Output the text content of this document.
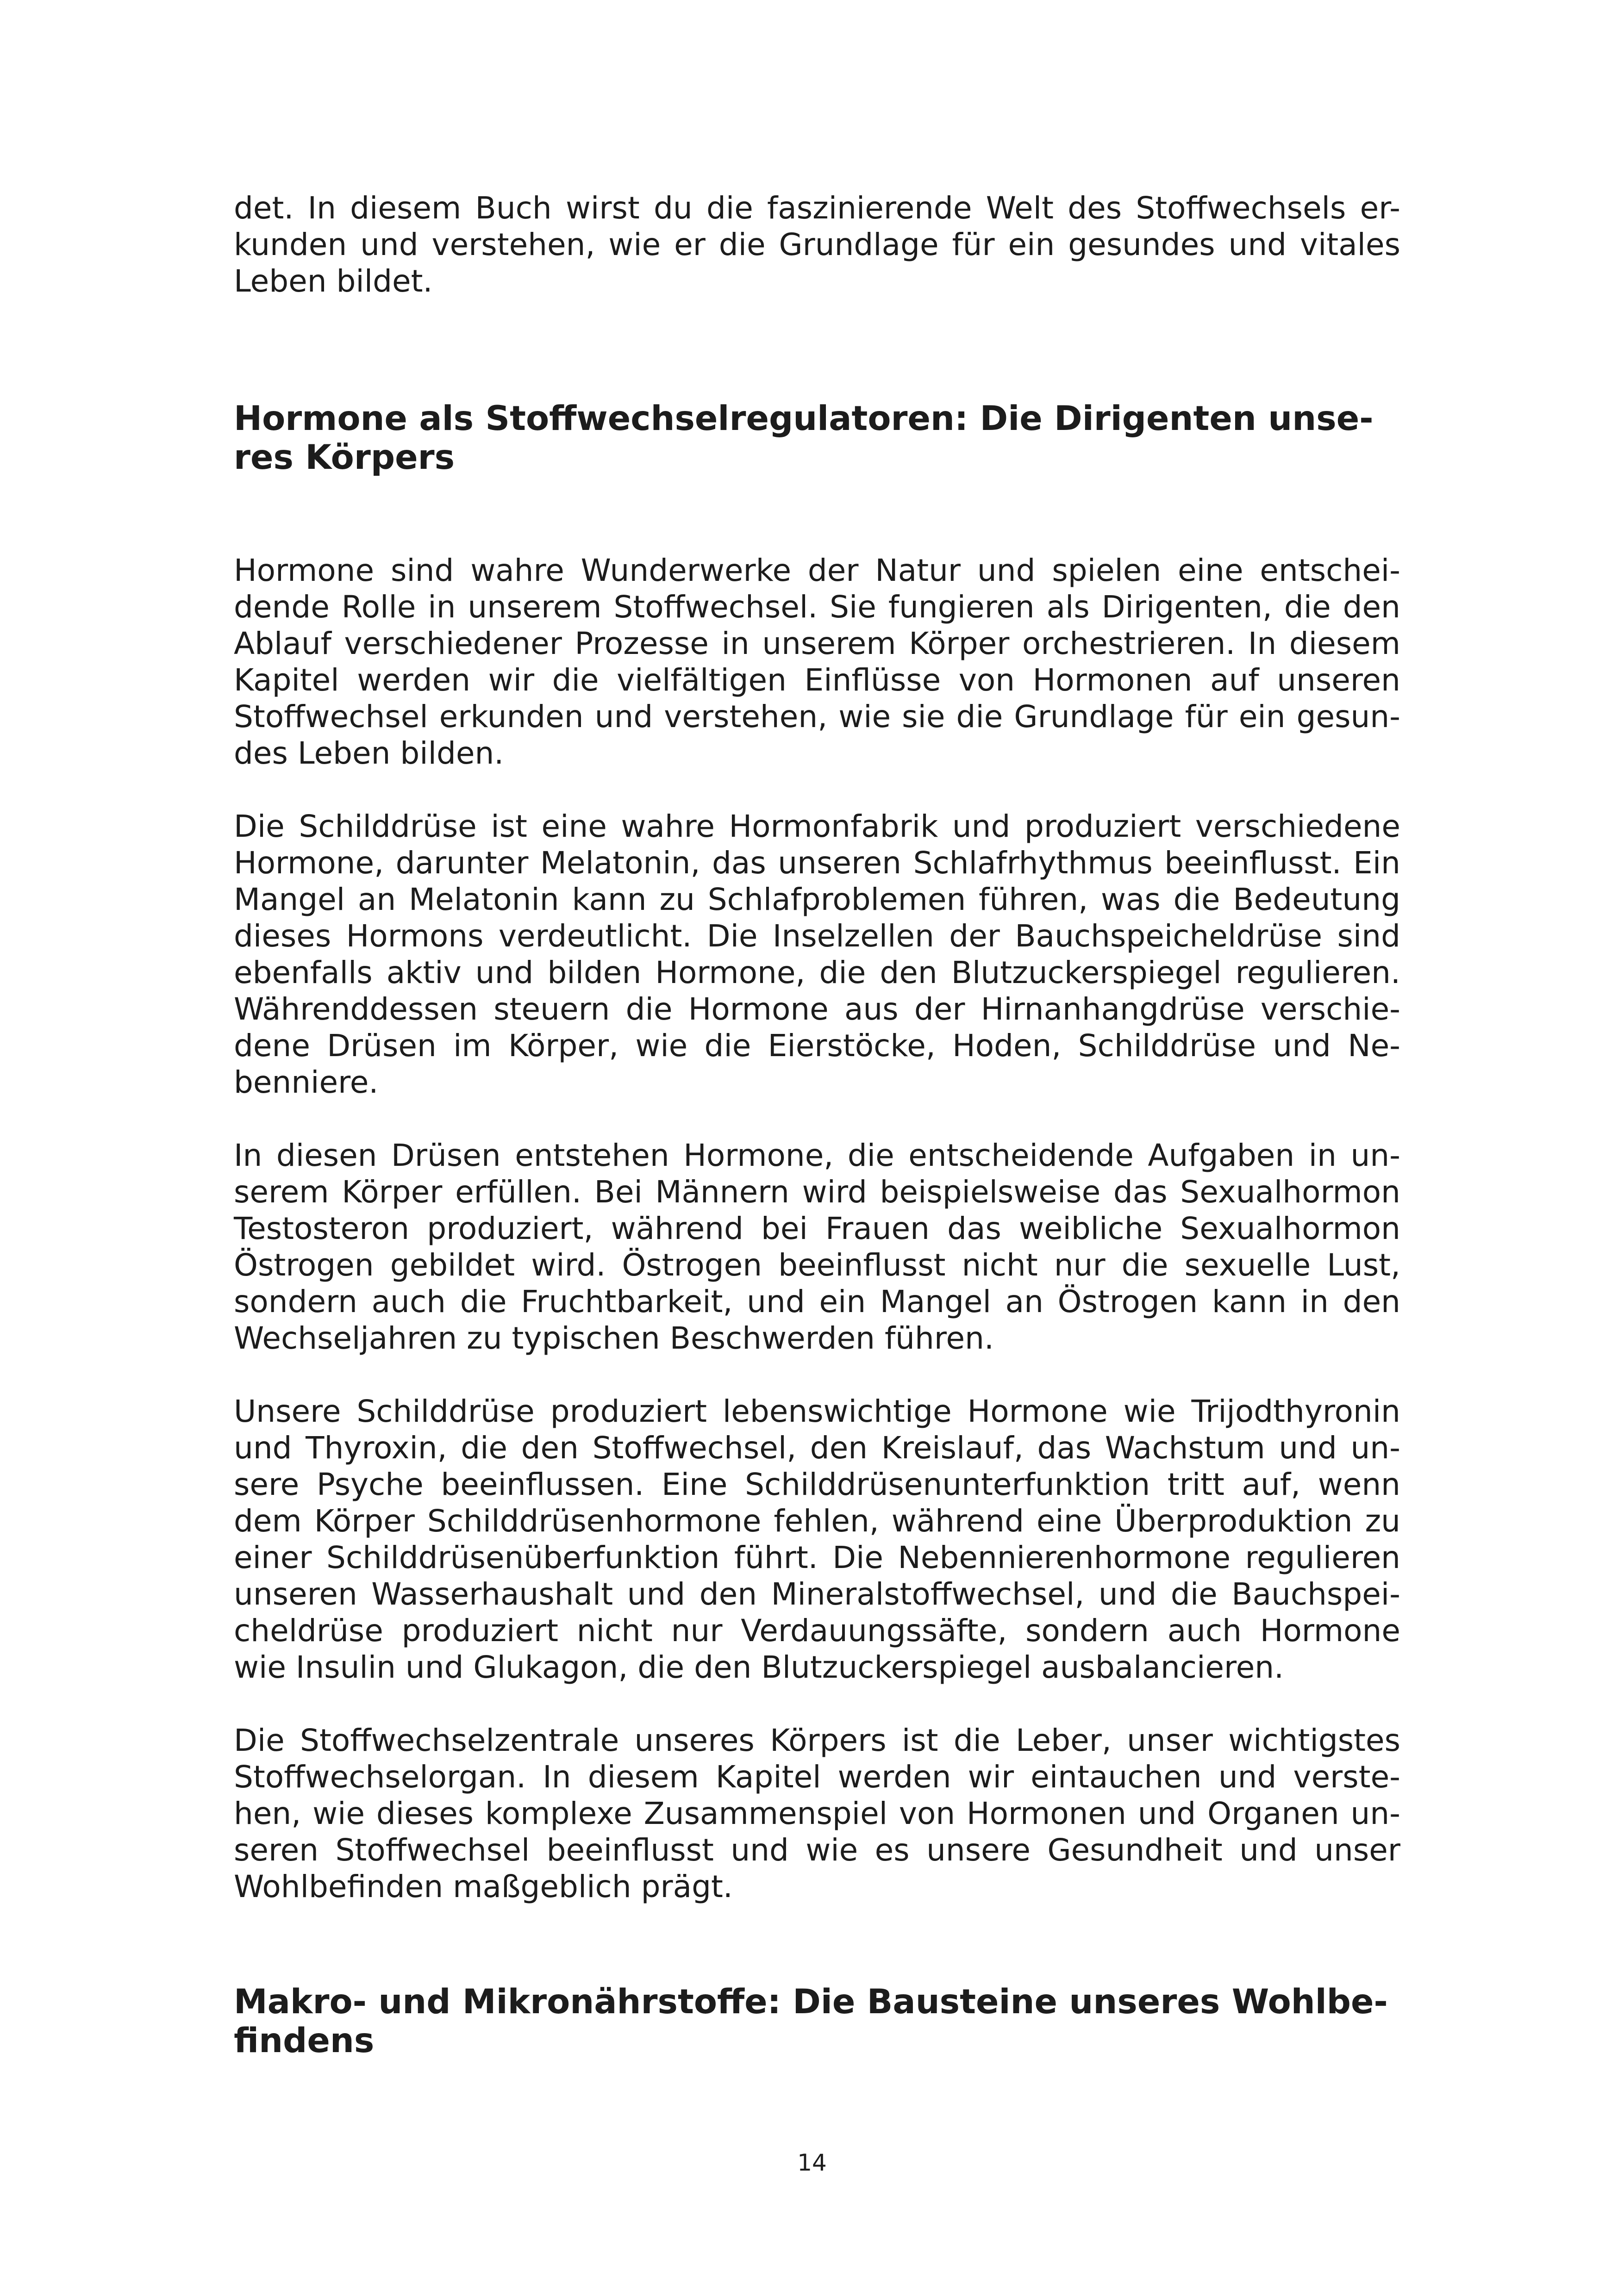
det. In diesem Buch wirst du die faszinierende Welt des Stoffwechsels er-
kunden und verstehen, wie er die Grundlage für ein gesundes und vitales
Leben bildet.
Hormone als Stoffwechselregulatoren: Die Dirigenten unse-
res Körpers
Hormone sind wahre Wunderwerke der Natur und spielen eine entschei-
dende Rolle in unserem Stoffwechsel. Sie fungieren als Dirigenten, die den
Ablauf verschiedener Prozesse in unserem Körper orchestrieren. In diesem
Kapitel werden wir die vielfältigen Einflüsse von Hormonen auf unseren
Stoffwechsel erkunden und verstehen, wie sie die Grundlage für ein gesun-
des Leben bilden.
Die Schilddrüse ist eine wahre Hormonfabrik und produziert verschiedene
Hormone, darunter Melatonin, das unseren Schlafrhythmus beeinflusst. Ein
Mangel an Melatonin kann zu Schlafproblemen führen, was die Bedeutung
dieses Hormons verdeutlicht. Die Inselzellen der Bauchspeicheldrüse sind
ebenfalls aktiv und bilden Hormone, die den Blutzuckerspiegel regulieren.
Währenddessen steuern die Hormone aus der Hirnanhangdrüse verschie-
dene Drüsen im Körper, wie die Eierstöcke, Hoden, Schilddrüse und Ne-
benniere.
In diesen Drüsen entstehen Hormone, die entscheidende Aufgaben in un-
serem Körper erfüllen. Bei Männern wird beispielsweise das Sexualhormon
Testosteron produziert, während bei Frauen das weibliche Sexualhormon
Östrogen gebildet wird. Östrogen beeinflusst nicht nur die sexuelle Lust,
sondern auch die Fruchtbarkeit, und ein Mangel an Östrogen kann in den
Wechseljahren zu typischen Beschwerden führen.
Unsere Schilddrüse produziert lebenswichtige Hormone wie Trijodthyronin
und Thyroxin, die den Stoffwechsel, den Kreislauf, das Wachstum und un-
sere Psyche beeinflussen. Eine Schilddrüsenunterfunktion tritt auf, wenn
dem Körper Schilddrüsenhormone fehlen, während eine Überproduktion zu
einer Schilddrüsenüberfunktion führt. Die Nebennierenhormone regulieren
unseren Wasserhaushalt und den Mineralstoffwechsel, und die Bauchspei-
cheldrüse produziert nicht nur Verdauungssäfte, sondern auch Hormone
wie Insulin und Glukagon, die den Blutzuckerspiegel ausbalancieren.
Die Stoffwechselzentrale unseres Körpers ist die Leber, unser wichtigstes
Stoffwechselorgan. In diesem Kapitel werden wir eintauchen und verste-
hen, wie dieses komplexe Zusammenspiel von Hormonen und Organen un-
seren Stoffwechsel beeinflusst und wie es unsere Gesundheit und unser
Wohlbefinden maßgeblich prägt.
Makro- und Mikronährstoffe: Die Bausteine unseres Wohlbe-
findens
14
